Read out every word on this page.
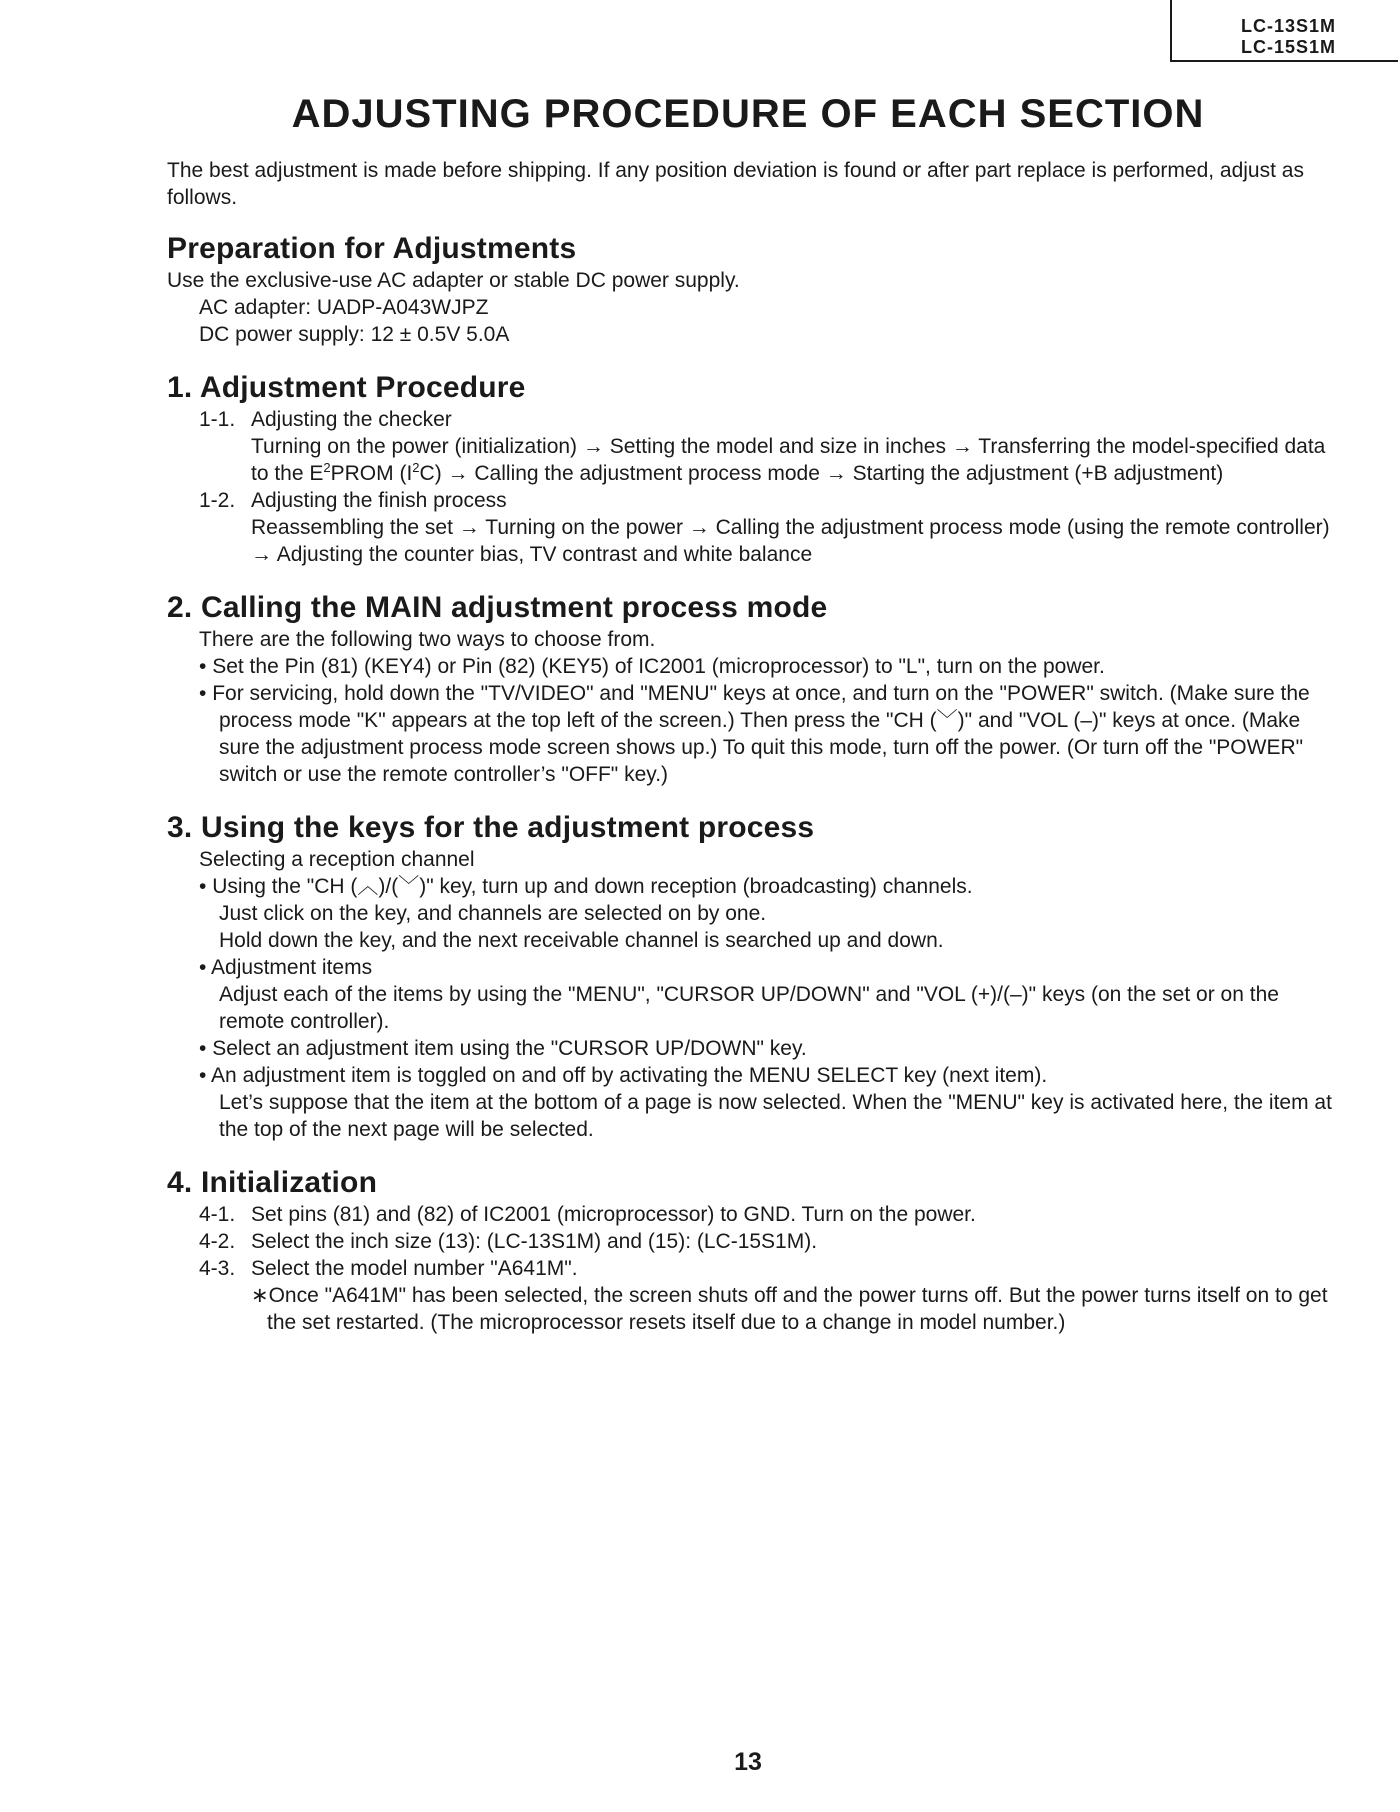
LC-13S1M
LC-15S1M
ADJUSTING PROCEDURE OF EACH SECTION

The best adjustment is made before shipping. If any position deviation is found or after part replace is performed, adjust as follows.

Preparation for Adjustments

Use the exclusive-use AC adapter or stable DC power supply.

AC adapter: UADP-A043WJPZ

DC power supply: 12 ± 0.5V 5.0A

1. Adjustment Procedure

1-1. Adjusting the checker

Turning on the power (initialization) → Setting the model and size in inches → Transferring the model-specified data to the $E^2PROM$ $(I^2C)$ → Calling the adjustment process mode → Starting the adjustment (+B adjustment)

1-2. Adjusting the finish process

Reassembling the set → Turning on the power → Calling the adjustment process mode (using the remote controller) → Adjusting the counter bias, TV contrast and white balance

2. Calling the MAIN adjustment process mode

There are the following two ways to choose from.

• Set the Pin (81) (KEY4) or Pin (82) (KEY5) of IC2001 (microprocessor) to "L", turn on the power.

• For servicing, hold down the "TV/VIDEO" and "MENU" keys at once, and turn on the "POWER" switch. (Make sure the process mode "K" appears at the top left of the screen.) Then press the "CH (﹀)" and "VOL (–)" keys at once. (Make sure the adjustment process mode screen shows up.) To quit this mode, turn off the power. (Or turn off the "POWER" switch or use the remote controller’s "OFF" key.)

3. Using the keys for the adjustment process

Selecting a reception channel

• Using the "CH (︿)/(﹀)" key, turn up and down reception (broadcasting) channels.

Just click on the key, and channels are selected on by one.

Hold down the key, and the next receivable channel is searched up and down.

• Adjustment items

Adjust each of the items by using the "MENU", "CURSOR UP/DOWN" and "VOL (+)/(–)" keys (on the set or on the remote controller).

• Select an adjustment item using the "CURSOR UP/DOWN" key.

• An adjustment item is toggled on and off by activating the MENU SELECT key (next item).

Let’s suppose that the item at the bottom of a page is now selected. When the "MENU" key is activated here, the item at the top of the next page will be selected.

4. Initialization

4-1. Set pins (81) and (82) of IC2001 (microprocessor) to GND. Turn on the power.

4-2. Select the inch size (13): (LC-13S1M) and (15): (LC-15S1M).

4-3. Select the model number "A641M".

∗Once "A641M" has been selected, the screen shuts off and the power turns off. But the power turns itself on to get the set restarted. (The microprocessor resets itself due to a change in model number.)

13
